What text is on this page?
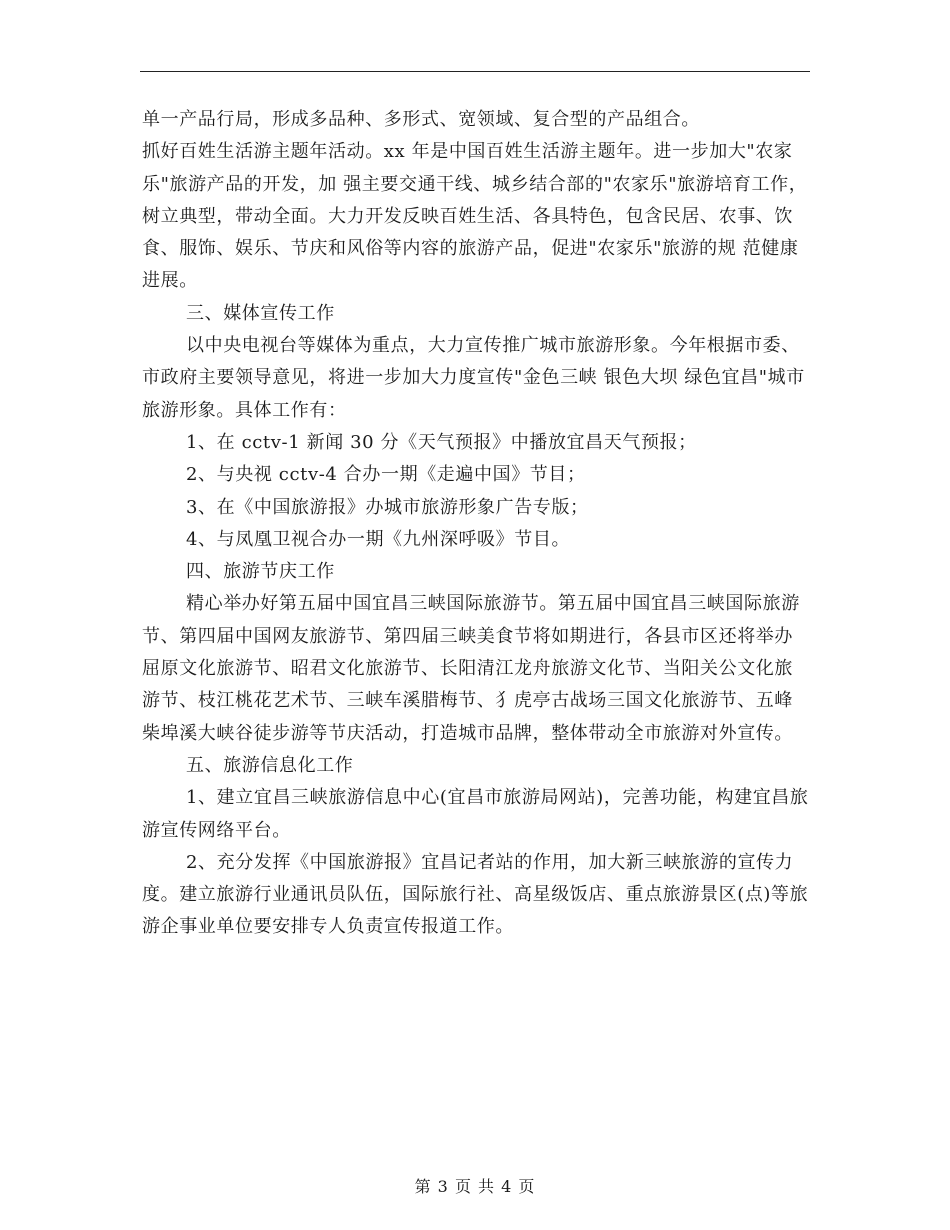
单一产品行局，形成多品种、多形式、宽领域、复合型的产品组合。

抓好百姓生活游主题年活动。xx 年是中国百姓生活游主题年。进一步加大"农家乐"旅游产品的开发，加 强主要交通干线、城乡结合部的"农家乐"旅游培育工作，树立典型，带动全面。大力开发反映百姓生活、各具特色，包含民居、农事、饮食、服饰、娱乐、节庆和风俗等内容的旅游产品，促进"农家乐"旅游的规 范健康进展。

三、媒体宣传工作

以中央电视台等媒体为重点，大力宣传推广城市旅游形象。今年根据市委、市政府主要领导意见，将进一步加大力度宣传"金色三峡 银色大坝 绿色宜昌"城市旅游形象。具体工作有：

1、在 cctv-1 新闻 30 分《天气预报》中播放宜昌天气预报；

2、与央视 cctv-4 合办一期《走遍中国》节目；

3、在《中国旅游报》办城市旅游形象广告专版；

4、与凤凰卫视合办一期《九州深呼吸》节目。

四、旅游节庆工作

精心举办好第五届中国宜昌三峡国际旅游节。第五届中国宜昌三峡国际旅游节、第四届中国网友旅游节、第四届三峡美食节将如期进行，各县市区还将举办屈原文化旅游节、昭君文化旅游节、长阳清江龙舟旅游文化节、当阳关公文化旅游节、枝江桃花艺术节、三峡车溪腊梅节、犭虎亭古战场三国文化旅游节、五峰柴埠溪大峡谷徒步游等节庆活动，打造城市品牌，整体带动全市旅游对外宣传。

五、旅游信息化工作

1、建立宜昌三峡旅游信息中心(宜昌市旅游局网站)，完善功能，构建宜昌旅游宣传网络平台。

2、充分发挥《中国旅游报》宜昌记者站的作用，加大新三峡旅游的宣传力度。建立旅游行业通讯员队伍，国际旅行社、高星级饭店、重点旅游景区(点)等旅游企事业单位要安排专人负责宣传报道工作。

第 3 页 共 4 页
